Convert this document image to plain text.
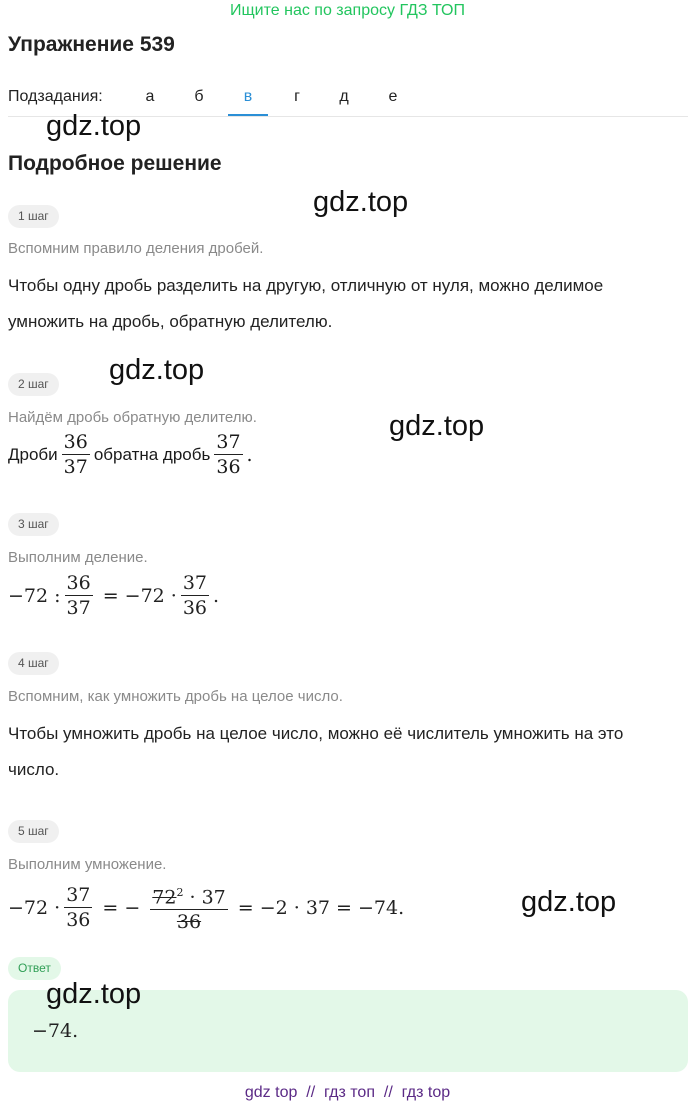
Ищите нас по запросу ГДЗ ТОП
Упражнение 539
Подзадания:	а	б	в	г	д	е
Подробное решение
1 шаг
Вспомним правило деления дробей.
Чтобы одну дробь разделить на другую, отличную от нуля, можно делимое умножить на дробь, обратную делителю.
2 шаг
Найдём дробь обратную делителю.
Дроби $\frac{36}{37}$ обратна дробь $\frac{37}{36}$ .
3 шаг
Выполним деление.
−72 : $\frac{36}{37} = -72 \cdot \frac{37}{36}$ .
4 шаг
Вспомним, как умножить дробь на целое число.
Чтобы умножить дробь на целое число, можно её числитель умножить на это число.
5 шаг
Выполним умножение.
$-72 \cdot \frac{37}{36}$ = − $\frac{72^2 \cdot 37}{36} = -2 \cdot 37 = -74$.
Ответ
−74.
gdz.top
gdz.top
gdz.top
gdz.top
gdz.top
gdz.top
gdz top  //  гдз топ  //  гдз top
